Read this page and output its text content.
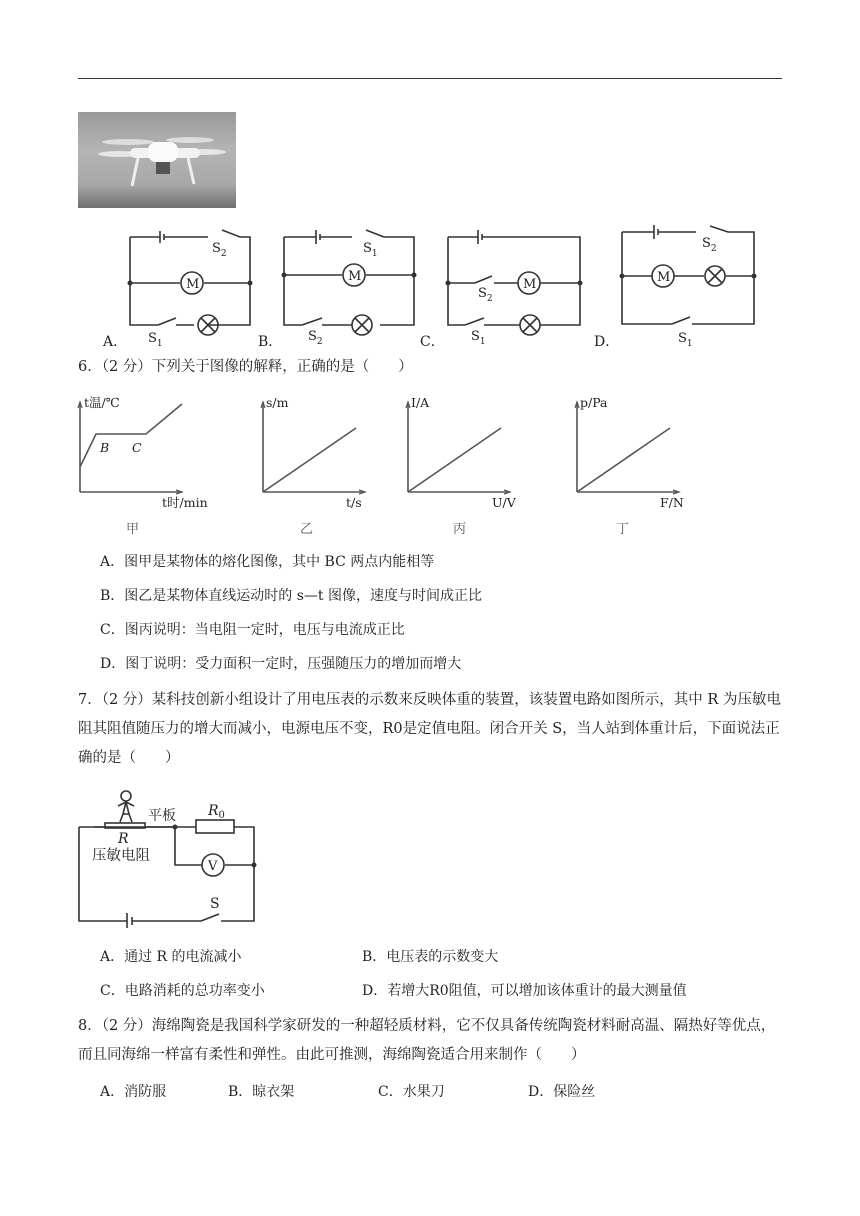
M
M
M	M
$S_2$
$S_1$
$S_1$
$S_2$
$S_2$
$S_1$
$S_2$
$S_1$
A．	B．	C．	D．
6．（2 分）下列关于图像的解释，正确的是（　　）
t温/℃
t时/min
B C
s/m
t/s
I/A
U/V
p/Pa
F/N
甲	乙	丙	丁
A．图甲是某物体的熔化图像，其中 BC 两点内能相等
B．图乙是某物体直线运动时的 s—t 图像，速度与时间成正比
C．图丙说明：当电阻一定时，电压与电流成正比
D．图丁说明：受力面积一定时，压强随压力的增加而增大
7．（2 分）某科技创新小组设计了用电压表的示数来反映体重的装置，该装置电路如图所示，其中 R 为压敏电阻其阻值随压力的增大而减小，电源电压不变，R0是定值电阻。闭合开关 S，当人站到体重计后，下面说法正确的是（　　）
平板
R
$R_0$
压敏电阻
V
S
A．通过 R 的电流减小	B．电压表的示数变大
C．电路消耗的总功率变小	D．若增大R0阻值，可以增加该体重计的最大测量值
8．（2 分）海绵陶瓷是我国科学家研发的一种超轻质材料，它不仅具备传统陶瓷材料耐高温、隔热好等优点，而且同海绵一样富有柔性和弹性。由此可推测，海绵陶瓷适合用来制作（　　）
A．消防服	B．晾衣架	C．水果刀	D．保险丝
